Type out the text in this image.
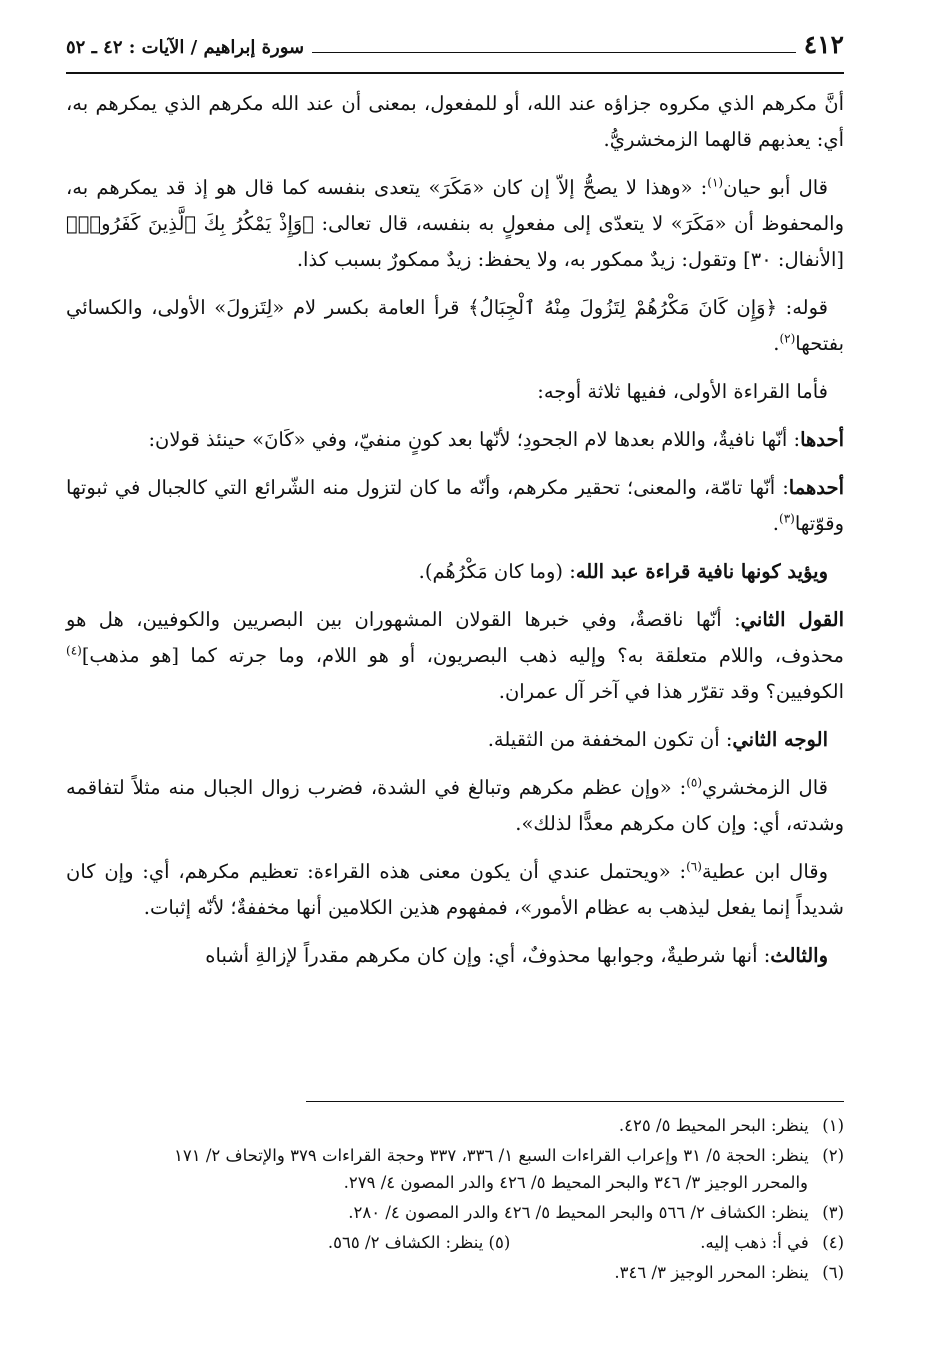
٤١٢
سورة إبراهيم / الآيات : ٤٢ ـ ٥٢

أنَّ مكرهم الذي مكروه جزاؤه عند الله، أو للمفعول، بمعنى أن عند الله مكرهم الذي يمكرهم به، أي: يعذبهم قالهما الزمخشريُّ.

قال أبو حيان$^{(١)}$: «وهذا لا يصحُّ إلاّ إن كان «مَكَرَ» يتعدى بنفسه كما قال هو إذ قد يمكرهم به، والمحفوظ أن «مَكَرَ» لا يتعدّى إلى مفعولٍ به بنفسه، قال تعالى: ﴿وَإِذْ يَمْكُرُ بِكَ ٱلَّذِينَ كَفَرُوا۟﴾ [الأنفال: ٣٠] وتقول: زيدٌ ممكور به، ولا يحفظ: زيدٌ ممكورٌ بسبب كذا.

قوله: ﴿وَإِن كَانَ مَكْرُهُمْ لِتَزُولَ مِنْهُ ٱلْجِبَالُ﴾ قرأ العامة بكسر لام «لِتَزولَ» الأولى، والكسائي بفتحها$^{(٢)}$.

فأما القراءة الأولى، ففيها ثلاثة أوجه:

أحدها: أنّها نافيةٌ، واللام بعدها لام الجحودِ؛ لأنّها بعد كونٍ منفيّ، وفي «كَانَ» حينئذ قولان:

أحدهما: أنّها تامّة، والمعنى؛ تحقير مكرهم، وأنّه ما كان لتزول منه الشّرائع التي كالجبال في ثبوتها وقوّتها$^{(٣)}$.

ويؤيد كونها نافية قراءة عبد الله: (وما كان مَكْرُهُم).

القول الثاني: أنّها ناقصةٌ، وفي خبرها القولان المشهوران بين البصريين والكوفيين، هل هو محذوف، واللام متعلقة به؟ وإليه ذهب البصريون، أو هو اللام، وما جرته كما [هو مذهب]$^{(٤)}$ الكوفيين؟ وقد تقرّر هذا في آخر آل عمران.

الوجه الثاني: أن تكون المخففة من الثقيلة.

قال الزمخشري$^{(٥)}$: «وإن عظم مكرهم وتبالغ في الشدة، فضرب زوال الجبال منه مثلاً لتفاقمه وشدته، أي: وإن كان مكرهم معدًّا لذلك».

وقال ابن عطية$^{(٦)}$: «ويحتمل عندي أن يكون معنى هذه القراءة: تعظيم مكرهم، أي: وإن كان شديداً إنما يفعل ليذهب به عظام الأمور»، فمفهوم هذين الكلامين أنها مخففةٌ؛ لأنّه إثبات.

والثالث: أنها شرطيةٌ، وجوابها محذوفٌ، أي: وإن كان مكرهم مقدراً لإزالةِ أشباه

(١) ينظر: البحر المحيط ٥/ ٤٢٥.
(٢) ينظر: الحجة ٥/ ٣١ وإعراب القراءات السبع ١/ ٣٣٦، ٣٣٧ وحجة القراءات ٣٧٩ والإتحاف ٢/ ١٧١
والمحرر الوجيز ٣/ ٣٤٦ والبحر المحيط ٥/ ٤٢٦ والدر المصون ٤/ ٢٧٩.
(٣) ينظر: الكشاف ٢/ ٥٦٦ والبحر المحيط ٥/ ٤٢٦ والدر المصون ٤/ ٢٨٠.
(٤) في أ: ذهب إليه.
(٥) ينظر: الكشاف ٢/ ٥٦٥.
(٦) ينظر: المحرر الوجيز ٣/ ٣٤٦.
